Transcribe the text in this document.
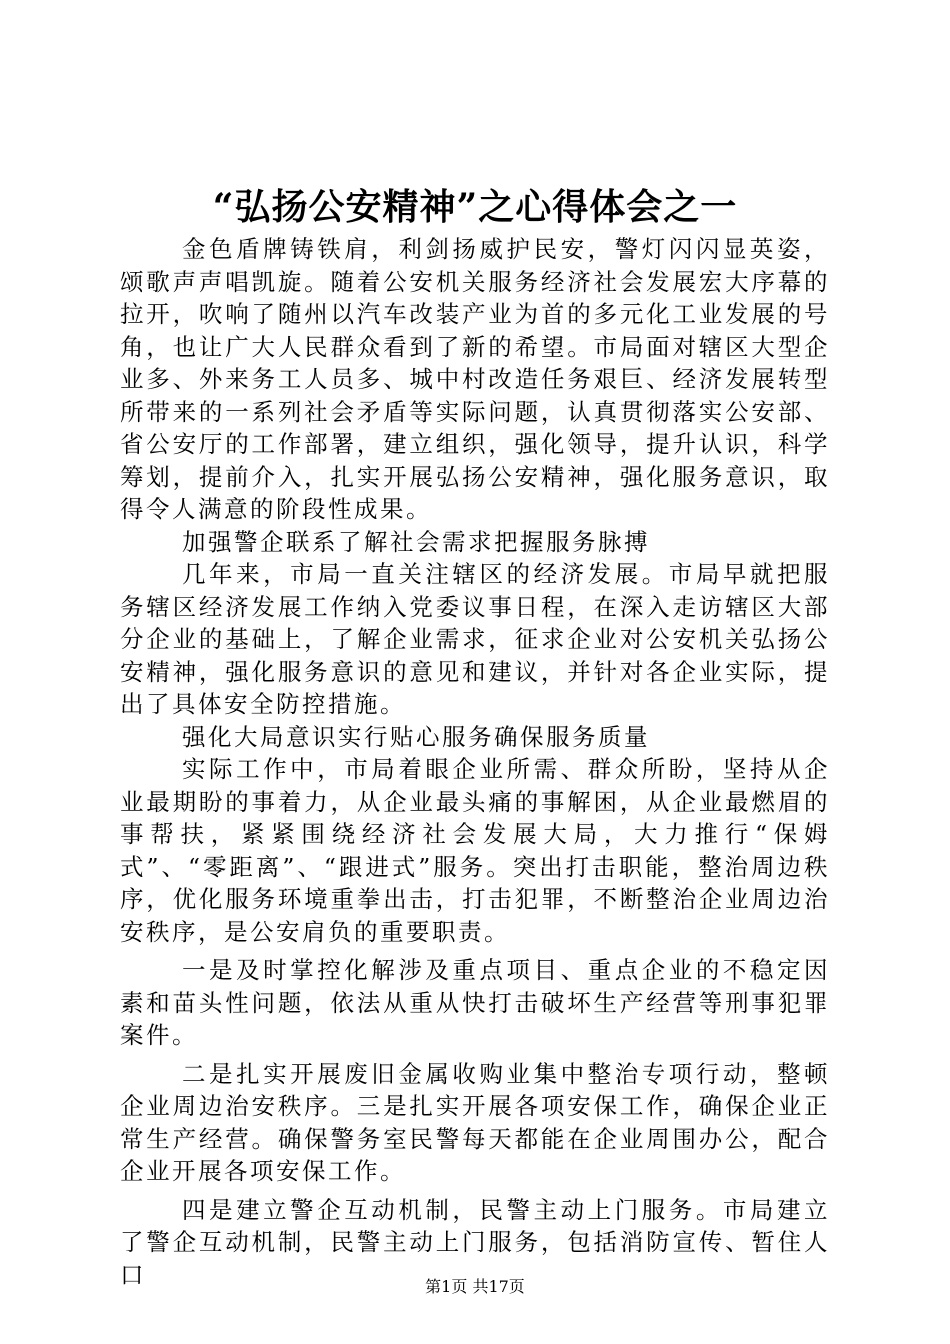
“弘扬公安精神”之心得体会之一

金色盾牌铸铁肩，利剑扬威护民安，警灯闪闪显英姿，颂歌声声唱凯旋。随着公安机关服务经济社会发展宏大序幕的拉开，吹响了随州以汽车改装产业为首的多元化工业发展的号角，也让广大人民群众看到了新的希望。市局面对辖区大型企业多、外来务工人员多、城中村改造任务艰巨、经济发展转型所带来的一系列社会矛盾等实际问题，认真贯彻落实公安部、省公安厅的工作部署，建立组织，强化领导，提升认识，科学筹划，提前介入，扎实开展弘扬公安精神，强化服务意识，取得令人满意的阶段性成果。

加强警企联系了解社会需求把握服务脉搏

几年来，市局一直关注辖区的经济发展。市局早就把服务辖区经济发展工作纳入党委议事日程，在深入走访辖区大部分企业的基础上，了解企业需求，征求企业对公安机关弘扬公安精神，强化服务意识的意见和建议，并针对各企业实际，提出了具体安全防控措施。

强化大局意识实行贴心服务确保服务质量

实际工作中，市局着眼企业所需、群众所盼，坚持从企业最期盼的事着力，从企业最头痛的事解困，从企业最燃眉的事帮扶，紧紧围绕经济社会发展大局，大力推行“保姆式”、“零距离”、“跟进式”服务。突出打击职能，整治周边秩序，优化服务环境重拳出击，打击犯罪，不断整治企业周边治安秩序，是公安肩负的重要职责。

一是及时掌控化解涉及重点项目、重点企业的不稳定因素和苗头性问题，依法从重从快打击破坏生产经营等刑事犯罪案件。

二是扎实开展废旧金属收购业集中整治专项行动，整顿企业周边治安秩序。三是扎实开展各项安保工作，确保企业正常生产经营。确保警务室民警每天都能在企业周围办公，配合企业开展各项安保工作。

四是建立警企互动机制，民警主动上门服务。市局建立了警企互动机制，民警主动上门服务，包括消防宣传、暂住人口	第1页 共17页
